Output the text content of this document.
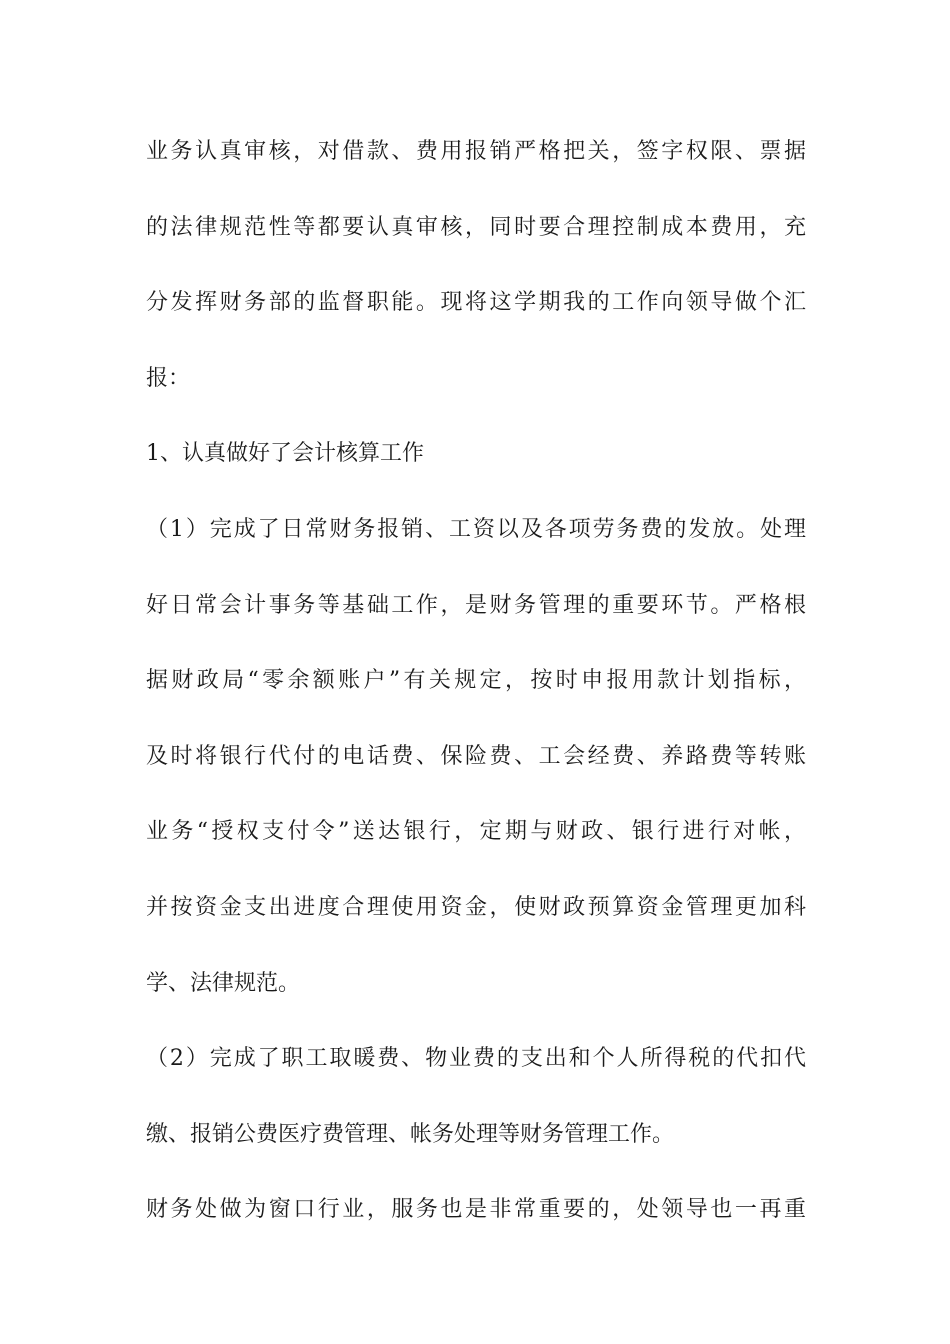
业务认真审核，对借款、费用报销严格把关，签字权限、票据
的法律规范性等都要认真审核，同时要合理控制成本费用，充
分发挥财务部的监督职能。现将这学期我的工作向领导做个汇
报：
1、认真做好了会计核算工作
（1）完成了日常财务报销、工资以及各项劳务费的发放。处理
好日常会计事务等基础工作，是财务管理的重要环节。严格根
据财政局“零余额账户”有关规定，按时申报用款计划指标，
及时将银行代付的电话费、保险费、工会经费、养路费等转账
业务“授权支付令”送达银行，定期与财政、银行进行对帐，
并按资金支出进度合理使用资金，使财政预算资金管理更加科
学、法律规范。
（2）完成了职工取暖费、物业费的支出和个人所得税的代扣代
缴、报销公费医疗费管理、帐务处理等财务管理工作。
财务处做为窗口行业，服务也是非常重要的，处领导也一再重
